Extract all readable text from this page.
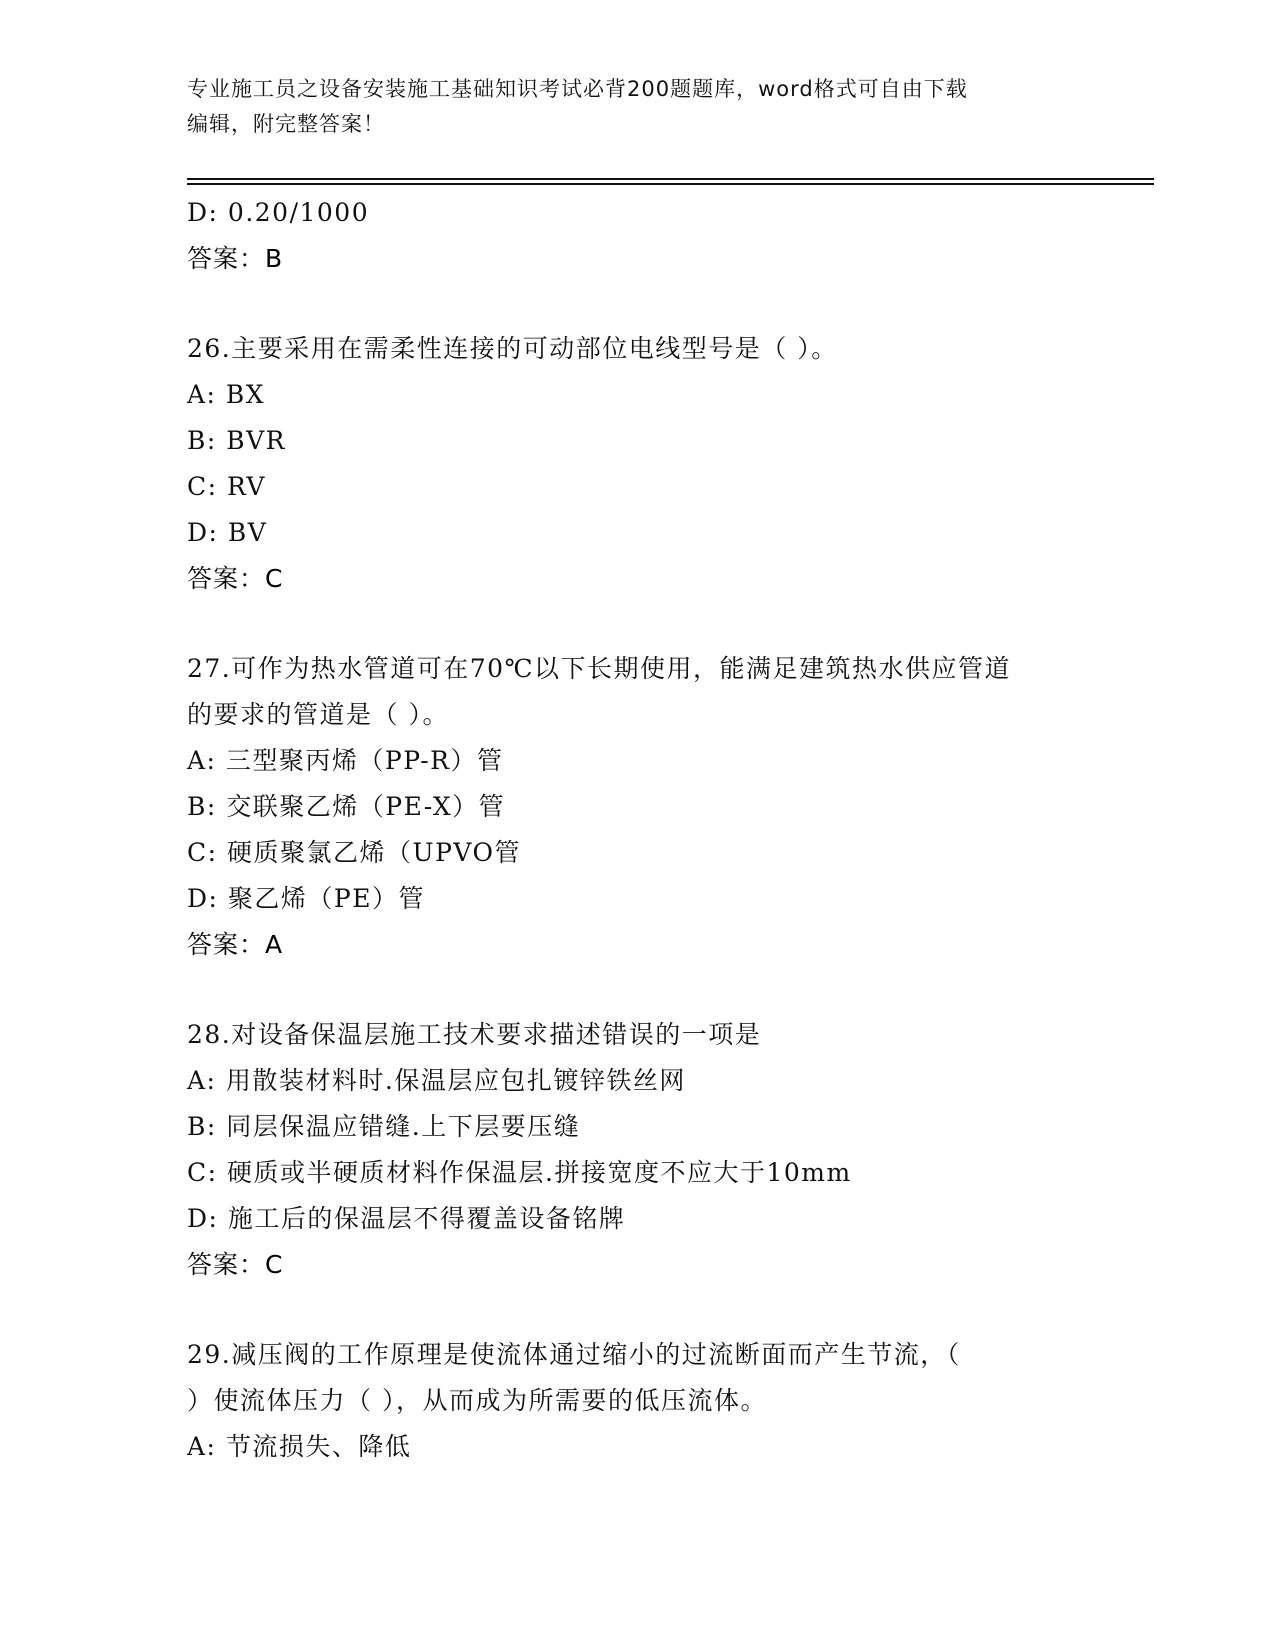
专业施工员之设备安装施工基础知识考试必背200题题库，word格式可自由下载
编辑，附完整答案！
D: 0.20/1000
答案：B
26.主要采用在需柔性连接的可动部位电线型号是（ ）。
A: BX
B: BVR
C: RV
D: BV
答案：C
27.可作为热水管道可在70℃以下长期使用，能满足建筑热水供应管道
的要求的管道是（ ）。
A: 三型聚丙烯（PP-R）管
B: 交联聚乙烯（PE-X）管
C: 硬质聚氯乙烯（UPVO管
D: 聚乙烯（PE）管
答案：A
28.对设备保温层施工技术要求描述错误的一项是
A: 用散装材料时.保温层应包扎镀锌铁丝网
B: 同层保温应错缝.上下层要压缝
C: 硬质或半硬质材料作保温层.拼接宽度不应大于10mm
D: 施工后的保温层不得覆盖设备铭牌
答案：C
29.减压阀的工作原理是使流体通过缩小的过流断面而产生节流，（
）使流体压力（ ），从而成为所需要的低压流体。
A: 节流损失、降低
